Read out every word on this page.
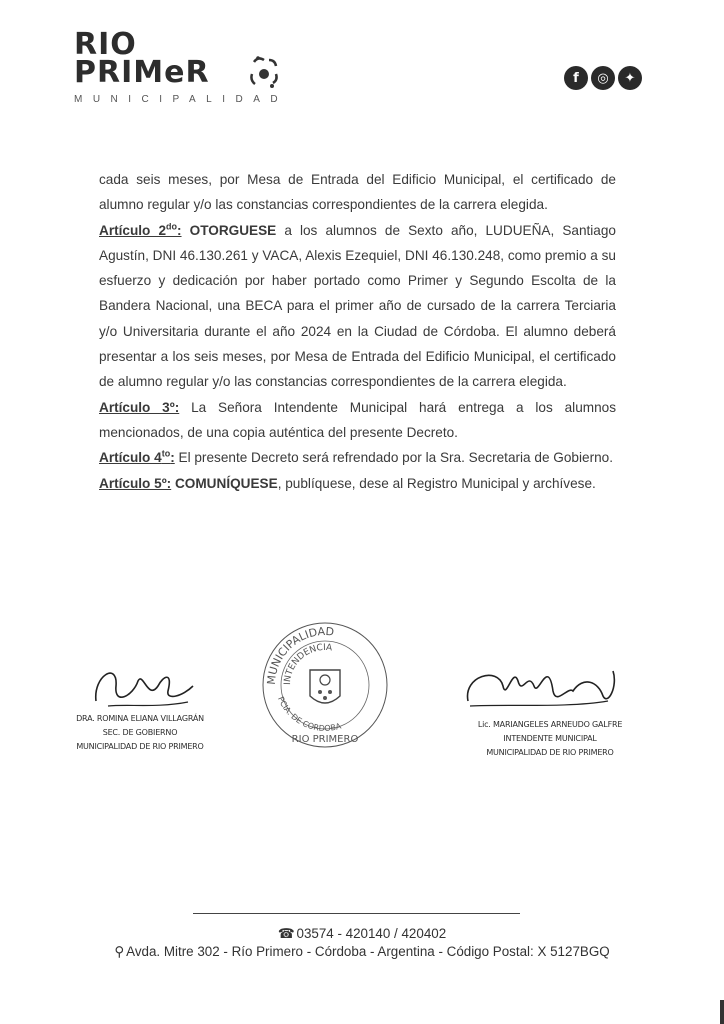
RIO
PRIMeR
MUNICIPALIDAD
f	◎	✦

cada seis meses, por Mesa de Entrada del Edificio Municipal, el certificado de alumno regular y/o las constancias correspondientes de la carrera elegida.

Artículo $2^{do}$: OTORGUESE a los alumnos de Sexto año, LUDUEÑA, Santiago Agustín, DNI 46.130.261 y VACA, Alexis Ezequiel, DNI 46.130.248, como premio a su esfuerzo y dedicación por haber portado como Primer y Segundo Escolta de la Bandera Nacional, una BECA para el primer año de cursado de la carrera Terciaria y/o Universitaria durante el año 2024 en la Ciudad de Córdoba. El alumno deberá presentar a los seis meses, por Mesa de Entrada del Edificio Municipal, el certificado de alumno regular y/o las constancias correspondientes de la carrera elegida.

Artículo 3º: La Señora Intendente Municipal hará entrega a los alumnos mencionados, de una copia auténtica del presente Decreto.

Artículo $4^{to}$: El presente Decreto será refrendado por la Sra. Secretaria de Gobierno.

Artículo 5º: COMUNÍQUESE, publíquese, dese al Registro Municipal y archívese.

DRA. ROMINA ELIANA VILLAGRÁN
SEC. DE GOBIERNO
MUNICIPALIDAD DE RIO PRIMERO
MUNICIPALIDAD
INTENDENCIA
PCIA. DE CORDOBA
RIO PRIMERO
Lic. MARIANGELES ARNEUDO GALFRE
INTENDENTE MUNICIPAL
MUNICIPALIDAD DE RIO PRIMERO
☎ 03574 - 420140 / 420402
⚲ Avda. Mitre 302 - Río Primero - Córdoba - Argentina - Código Postal: X 5127BGQ
